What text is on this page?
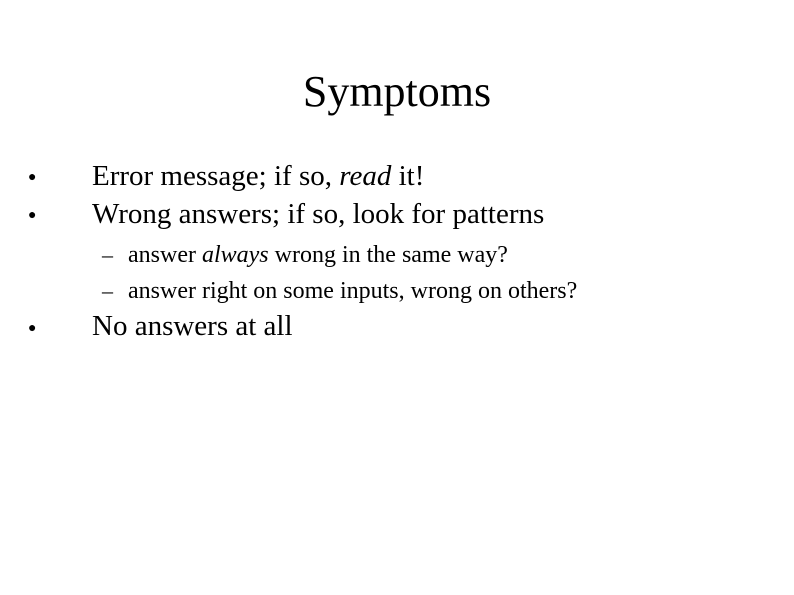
Symptoms
● Error message; if so, read it!
● Wrong answers; if so, look for patterns
– answer always wrong in the same way?
– answer right on some inputs, wrong on others?
● No answers at all
